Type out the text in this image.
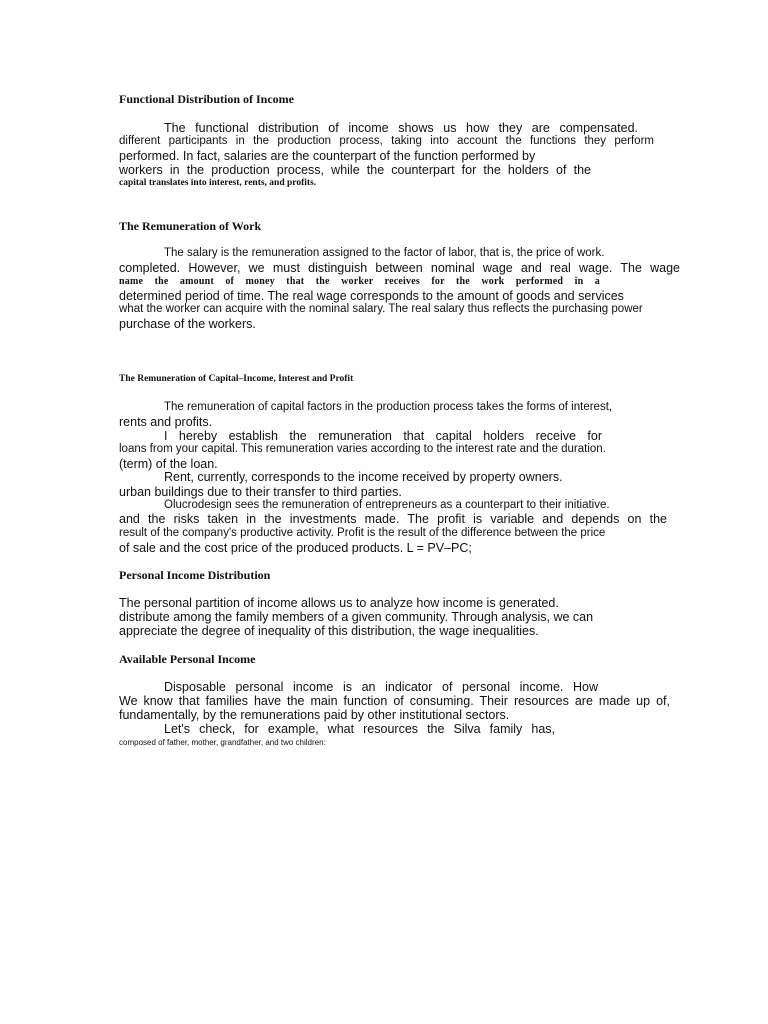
Functional Distribution of Income
The functional distribution of income shows us how they are compensated.
different participants in the production process, taking into account the functions they perform
performed. In fact, salaries are the counterpart of the function performed by
workers in the production process, while the counterpart for the holders of the
capital translates into interest, rents, and profits.
The Remuneration of Work
The salary is the remuneration assigned to the factor of labor, that is, the price of work.
completed. However, we must distinguish between nominal wage and real wage. The wage
name the amount of money that the worker receives for the work performed in a
determined period of time. The real wage corresponds to the amount of goods and services
what the worker can acquire with the nominal salary. The real salary thus reflects the purchasing power
purchase of the workers.
The Remuneration of Capital–Income, Interest and Profit
The remuneration of capital factors in the production process takes the forms of interest,
rents and profits.
I hereby establish the remuneration that capital holders receive for
loans from your capital. This remuneration varies according to the interest rate and the duration.
(term) of the loan.
Rent, currently, corresponds to the income received by property owners.
urban buildings due to their transfer to third parties.
Olucrodesign sees the remuneration of entrepreneurs as a counterpart to their initiative.
and the risks taken in the investments made. The profit is variable and depends on the
result of the company's productive activity. Profit is the result of the difference between the price
of sale and the cost price of the produced products. L = PV–PC;
Personal Income Distribution
The personal partition of income allows us to analyze how income is generated.
distribute among the family members of a given community. Through analysis, we can
appreciate the degree of inequality of this distribution, the wage inequalities.
Available Personal Income
Disposable personal income is an indicator of personal income. How
We know that families have the main function of consuming. Their resources are made up of,
fundamentally, by the remunerations paid by other institutional sectors.
Let's check, for example, what resources the Silva family has,
composed of father, mother, grandfather, and two children:
